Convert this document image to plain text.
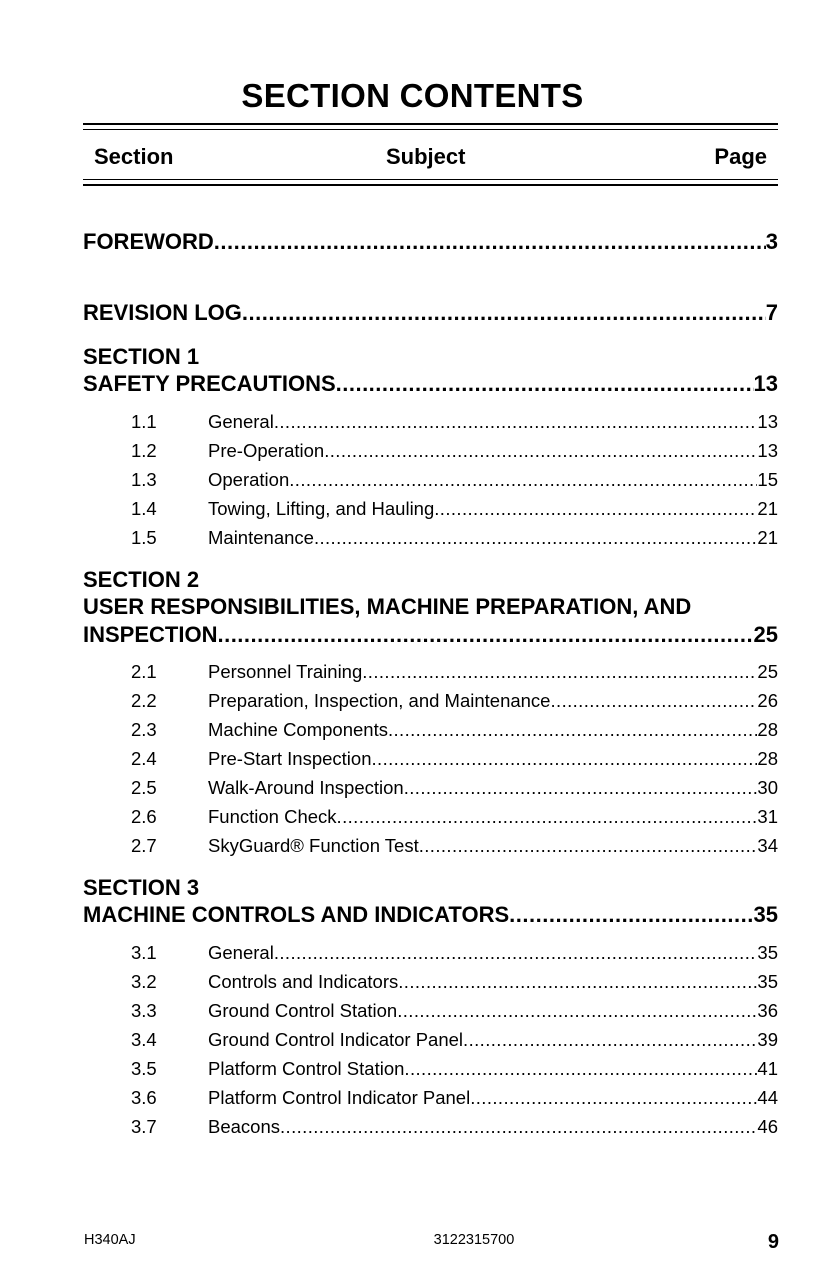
SECTION CONTENTS
Section	Subject	Page
FOREWORD .....	3
REVISION LOG .....	7
SECTION 1
SAFETY PRECAUTIONS .....	13
1.1	General .....	13
1.2	Pre-Operation .....	13
1.3	Operation .....	15
1.4	Towing, Lifting, and Hauling .....	21
1.5	Maintenance .....	21
SECTION 2
USER RESPONSIBILITIES, MACHINE PREPARATION, AND
INSPECTION .....	25
2.1	Personnel Training .....	25
2.2	Preparation, Inspection, and Maintenance .....	26
2.3	Machine Components .....	28
2.4	Pre-Start Inspection .....	28
2.5	Walk-Around Inspection .....	30
2.6	Function Check .....	31
2.7	SkyGuard® Function Test .....	34
SECTION 3
MACHINE CONTROLS AND INDICATORS .....	35
3.1	General .....	35
3.2	Controls and Indicators .....	35
3.3	Ground Control Station .....	36
3.4	Ground Control Indicator Panel .....	39
3.5	Platform Control Station .....	41
3.6	Platform Control Indicator Panel .....	44
3.7	Beacons .....	46
H340AJ	3122315700	9
